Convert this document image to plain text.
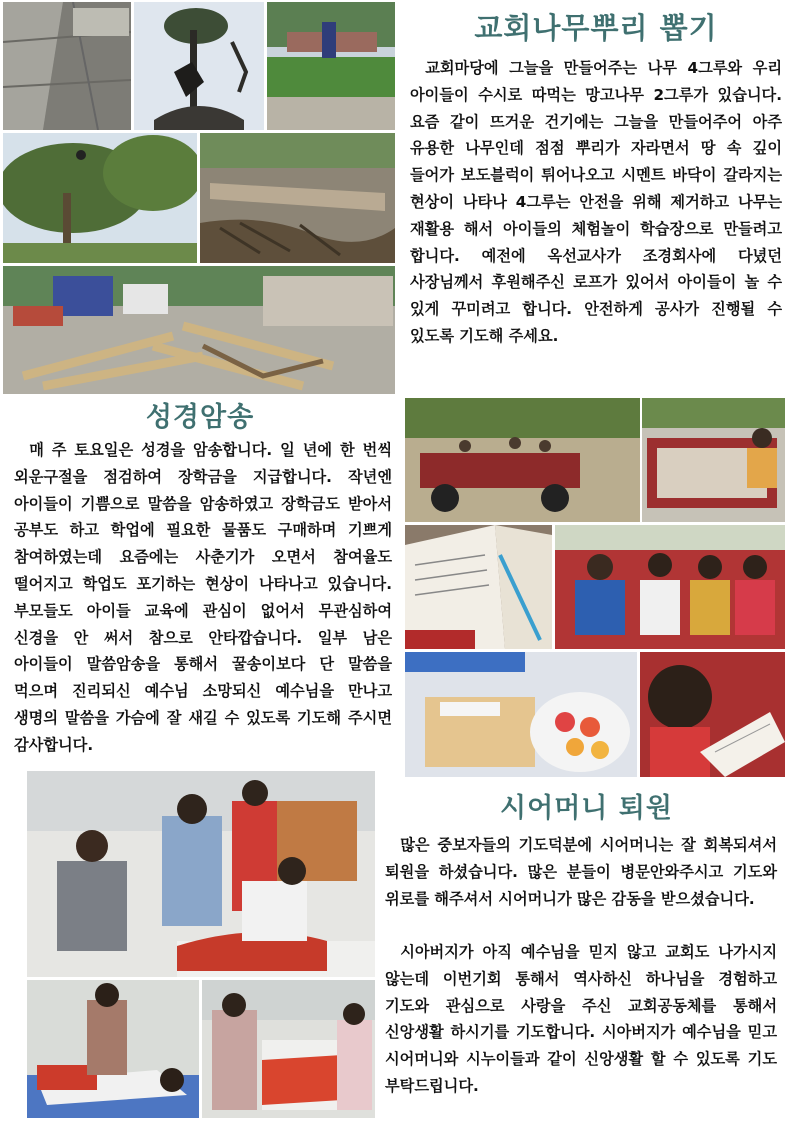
교회나무뿌리 뽑기

교회마당에 그늘을 만들어주는 나무 4그루와 우리 아이들이 수시로 따먹는 망고나무 2그루가 있습니다. 요즘 같이 뜨거운 건기에는 그늘을 만들어주어 아주 유용한 나무인데 점점 뿌리가 자라면서 땅 속 깊이 들어가 보도블럭이 튀어나오고 시멘트 바닥이 갈라지는 현상이 나타나 4그루는 안전을 위해 제거하고 나무는 재활용 해서 아이들의 체험놀이 학습장으로 만들려고 합니다. 예전에 옥선교사가 조경회사에 다녔던 사장님께서 후원해주신 로프가 있어서 아이들이 놀 수 있게 꾸미려고 합니다. 안전하게 공사가 진행될 수 있도록 기도해 주세요.

성경암송

매 주 토요일은 성경을 암송합니다. 일 년에 한 번씩 외운구절을 점검하여 장학금을 지급합니다. 작년엔 아이들이 기쁨으로 말씀을 암송하였고 장학금도 받아서 공부도 하고 학업에 필요한 물품도 구매하며 기쁘게 참여하였는데 요즘에는 사춘기가 오면서 참여율도 떨어지고 학업도 포기하는 현상이 나타나고 있습니다. 부모들도 아이들 교육에 관심이 없어서 무관심하여 신경을 안 써서 참으로 안타깝습니다. 일부 남은 아이들이 말씀암송을 통해서 꿀송이보다 단 말씀을 먹으며 진리되신 예수님 소망되신 예수님을 만나고 생명의 말씀을 가슴에 잘 새길 수 있도록 기도해 주시면 감사합니다.

시어머니 퇴원

많은 중보자들의 기도덕분에 시어머니는 잘 회복되셔서 퇴원을 하셨습니다. 많은 분들이 병문안와주시고 기도와 위로를 해주셔서 시어머니가 많은 감동을 받으셨습니다.

시아버지가 아직 예수님을 믿지 않고 교회도 나가시지 않는데 이번기회 통해서 역사하신 하나님을 경험하고 기도와 관심으로 사랑을 주신 교회공동체를 통해서 신앙생활 하시기를 기도합니다. 시아버지가 예수님을 믿고 시어머니와 시누이들과 같이 신앙생활 할 수 있도록 기도 부탁드립니다.
